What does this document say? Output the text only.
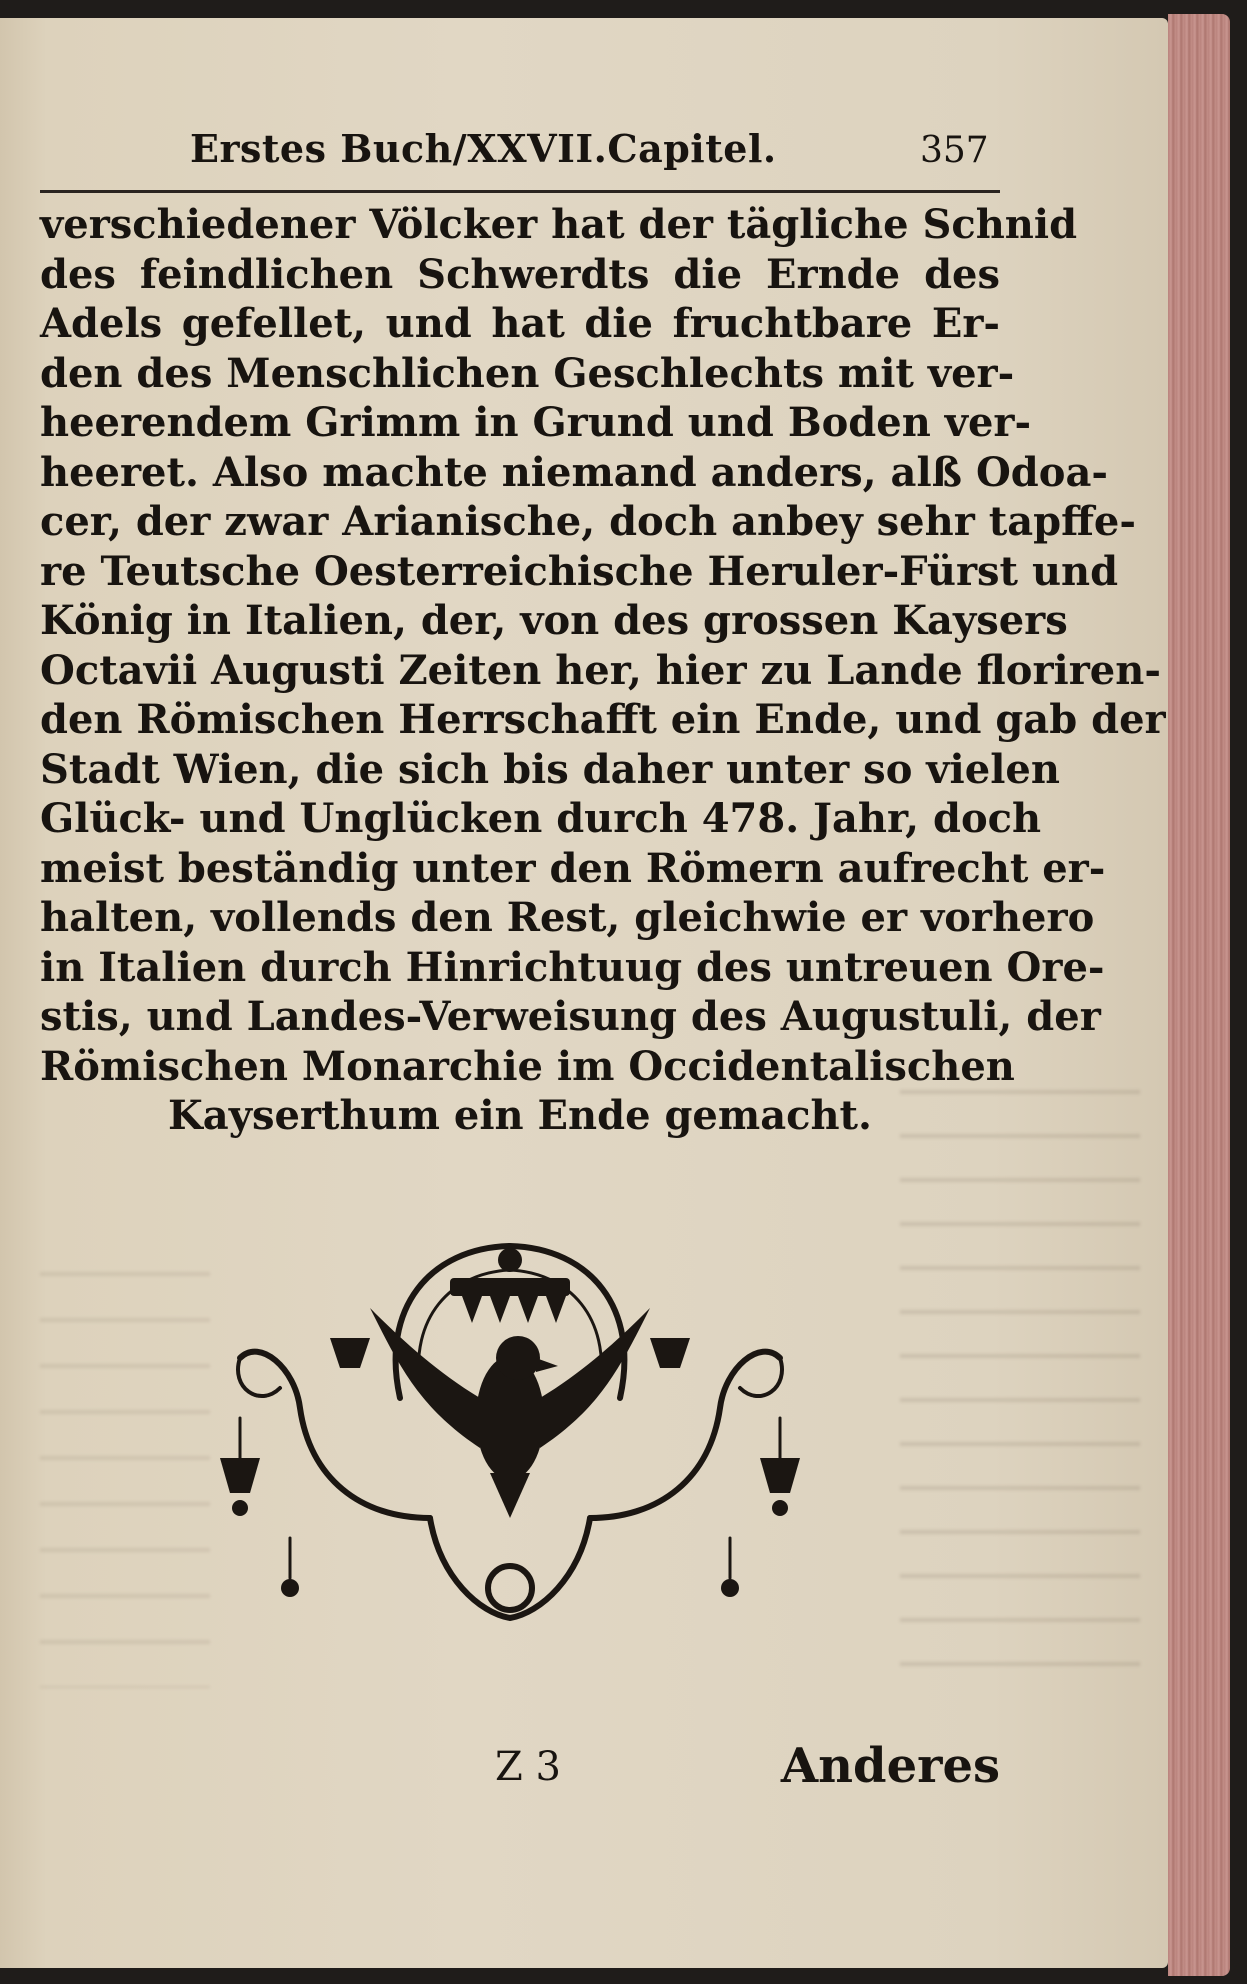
Erstes Buch/XXVII.Capitel.	357
verschiedener Völcker hat der tägliche Schnid
des feindlichen Schwerdts die Ernde des
Adels gefellet, und hat die fruchtbare Er-
den des Menschlichen Geschlechts mit ver-
heerendem Grimm in Grund und Boden ver-
heeret. Also machte niemand anders, alß Odoa-
cer, der zwar Arianische, doch anbey sehr tapffe-
re Teutsche Oesterreichische Heruler-Fürst und
König in Italien, der, von des grossen Kaysers
Octavii Augusti Zeiten her, hier zu Lande floriren-
den Römischen Herrschafft ein Ende, und gab der
Stadt Wien, die sich bis daher unter so vielen
Glück- und Unglücken durch 478. Jahr, doch
meist beständig unter den Römern aufrecht er-
halten, vollends den Rest, gleichwie er vorhero
in Italien durch Hinrichtuug des untreuen Ore-
stis, und Landes-Verweisung des Augustuli, der
Römischen Monarchie im Occidentalischen
Kayserthum ein Ende gemacht.
Z 3	Anderes
